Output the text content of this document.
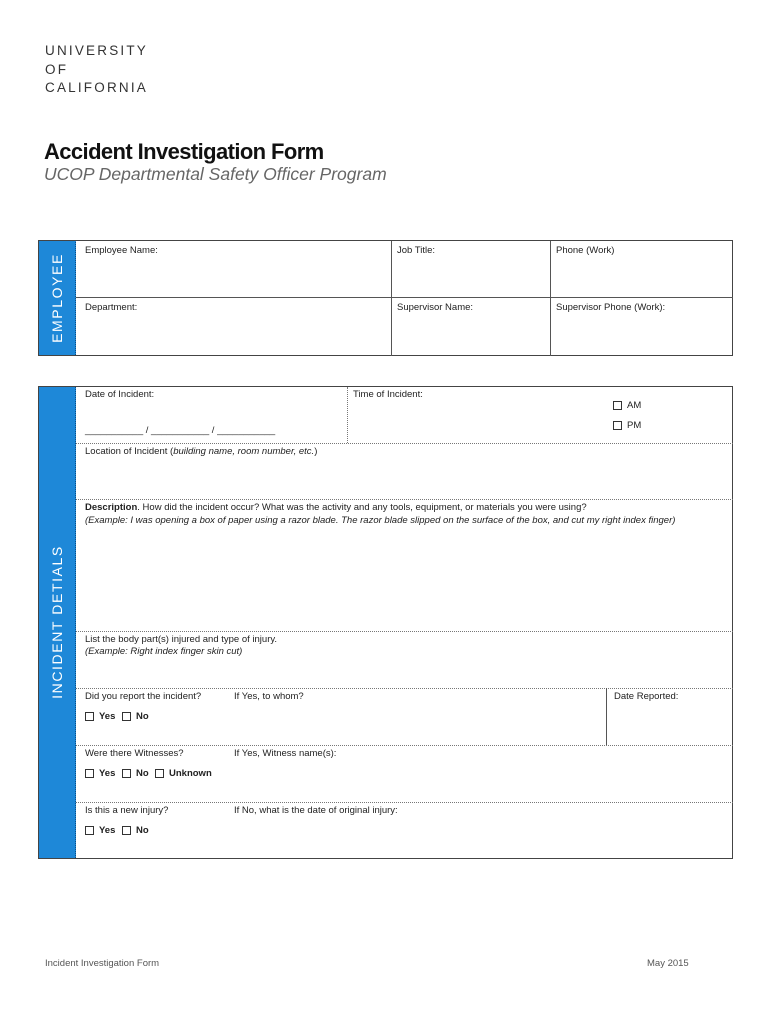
UNIVERSITY
OF
CALIFORNIA
Accident Investigation Form
UCOP Departmental Safety Officer Program
EMPLOYEE
Employee Name:	Job Title:	Phone (Work)
Department:	Supervisor Name:	Supervisor Phone (Work):
INCIDENT DETIALS
Date of Incident:
___________ / ___________ / ___________
Time of Incident:
AM
PM
Location of Incident (building name, room number, etc.)
Description. How did the incident occur? What was the activity and any tools, equipment, or materials you were using?
(Example: I was opening a box of paper using a razor blade. The razor blade slipped on the surface of the box, and cut my right index finger)
List the body part(s) injured and type of injury.
(Example: Right index finger skin cut)
Did you report the incident?	If Yes, to whom?
Yes No
Date Reported:
Were there Witnesses?	If Yes, Witness name(s):
Yes No Unknown
Is this a new injury?	If No, what is the date of original injury:
Yes No
Incident Investigation Form	May 2015
